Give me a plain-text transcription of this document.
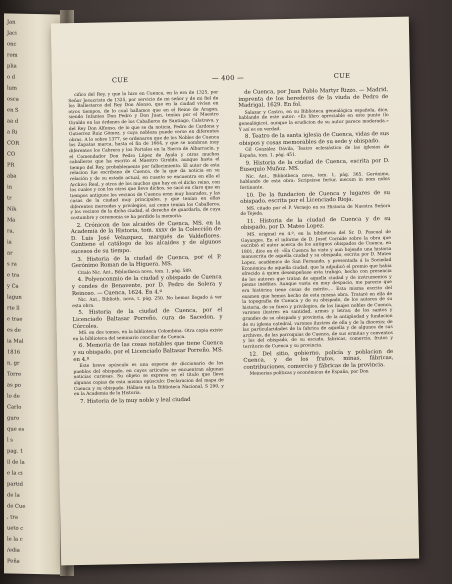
Jan
Jaci
onc
rom
plia
o d
lum
osca
en S
aa d
a Ri
COR
CO
PR
aba
in
tr
Nik
Ma
ra,
ia
ar
s ra
e tra
y Ca
lagun
rte ll
e trae
es de
ia Mal
1816
n, gr
Torre
as po
lo de
Carlo
guro
que es
l s
pag. 1
il de la
e la ci
partid
de la
de Cue
, tra
ueto c
le la c
/edia
Peña
CUE	— 400 —	CUE

cifico del Rey, y que lo hizo en Cuenca, en la era de 1325, por Señor Jesucristo de 1325, por servicio de mi señor y de mi fiel de los Ballesteros del Rey Don Alonso, que en la ciudad vivían en otros tiempos, de lo cual hallamos que en el Reino de Aragon, siendo Infantes Don Pedro y Don Juan, tenían por el Maestro Giraldo en las órdenes de los Caballeros de Santiago, Calatrava, y del Rey Don Alfonso, de lo que se da noticia, Pedro de Cardona y Gutierrez Ruiz Gómez, y cuya nobleza puede verse en diferentes obras. A lo sobre 1377, se ordenaron que de los Nobles de Cuenca los Zapatas marca, hasta el fin de 1664, y que se nombran muy diferentes los Cabrera y los Portoles en la Sierra de Albarracín, y el Comendador Don Pedro López de Ayala y otros muchos caballeros que ha escrito el Maestro Giraldo, aunque hasta el tiempo del Rey, probablemente por fallecimiento. El autor de esta relacion fue escribano de Cuenca, de la que da noticia en su relación y de su estado actual, en cuanto se encuentra en ella el Archivo Real, y otros de los muchos que hay en el dicho reino, con los cuales y con los otros que llevo dichos, se sacó en claro que en tiempos antiguos los vecinos de Cuenca eran muy honrados, y las casas de la ciudad muy principales, y que tenían en ellas diferentes mercedes y privilegios, así como tenían los Caballeros, y los vecinos de la dicha ciudad, el derecho de guardarla, de cuya costumbre y ceremonia se ha perdido la memoria.

2. Crónicon de los alcaides de Cuenca, MS. en la Academia de la Historia, tom. xxxv de la Colección de D. Luis José Velazquez, marqués de Valdeflores. Contiene el catálogo de los alcaides y de algunos sucesos de su tiempo.

3. Historia de la ciudad de Cuenca, por el P. Gerónimo Roman de la Higuera. MS.

Citalo Nic. Ant., Bibliotheca nova, tom. 1, pág. 589.

4. Polyenconmio de la ciudad y obispado de Cuenca y condes de Benavente, por D. Pedro de Solera y Reinoso. — Cuenca, 1624. En 4.º

Nic. Ant., Biblioth. nova, t. pág. 250. No hemos llegado á ver esta obra.

5. Historia de la ciudad de Cuenca, por el Licenciado Baltasar Porreño, cura de Sacedon, y Córcoles.

MS. en dos tomos, en la biblioteca Colombina. Otra copia existe en la biblioteca del seminario conciliar de Cuenca.

6. Memoria de las cosas notables que tiene Cuenca y su obispado, por el Licenciado Baltasar Porreño. MS. en 4.º

Este breve opúsculo es una especie de diccionario de los pueblos del obispado, en cuyos artículos se encuentran algunas noticias curiosas. Su objeto se expresa en el título que lleva algunas copias de esta misma opúsculo: Declaracion del mapa de Cuenca y su obispado. Hállase en la Biblioteca Nacional, S 290, y en la Academia de la Historia.

7. Historia de la muy noble y leal ciudad

de Cuenca, por Juan Pablo Martyr Rizzo. — Madrid, imprenta de los herederos de la viuda de Pedro de Madrigal, 1629. En fol.

Salazar y Castro, en su Biblioteca genealógica española, dice, hablando de este autor: «Es libro apreciable en este punto (lo genealógico), aunque la erudicion de su autor parece moderada.» Y así es en verdad.

8. Teatro de la santa iglesia de Cuenca, vidas de sus obispos y cosas memorables de su sede y obispado.

Gil González Dávila, Teatro eclesiástico de las iglesias de España, tom. 1, pág. 451.

9. Historia de la ciudad de Cuenca, escrita por D. Eusequio Muñoz. MS.

Nic. Ant., Bibliotheca nova, tom. 1, pág. 365. Gerónimo, hablando de esta obra: Scripsisse fertur, mecum in nom nobis festinante.

10. De la fundacion de Cuenca y lugares de su obispado, escrita por el Licenciado Rioja.

MS. citado por el P. Vernejo en su Historia de Nuestra Señora de Tejeda.

11. Historia de la ciudad de Cuenca y de su obispado, por D. Mateo Lopez.

MS. original en 4.º, en la biblioteca del Sr. D. Pascual de Gayangos. En el informe de D. Josef Cornide sobre la obra que escribió el autor acerca de los antiguos obispados de Cuenca, en 1801, dice en él: «En Cuenca he visto y aun hojeado una historia manuscrita de aquella ciudad y su obispado, escrita por D. Mateo Lopez, académico de San Fernando, y presentada á la Sociedad Económica de aquella ciudad, que la adjudicó el premio que había ofrecido á quien desempeñase esta trabajo, hecho con presencia de los autores que tratan de aquella ciudad y de instrumentos y piezas inéditas. Aunque vasta en muy despacio, me parecio que era histórica tiene cosas de mérito.... Esta misma escrito del examen que hemos hecho de esta misma obra. Trataré en ella de la topografía de Cuenca y de su obispado, de los autores de su historia, de su fuero y privilegios, de los linajes nobles de Cuenca, varones ilustres en santidad, armas y letras; de los santos y grandes de su obispado y provincia, de la antigüedad y fundacion de su iglesia catedral, varones ilustres de ella y de la diocesis; de las particularidades de la fabrica de aquella y de algunos de sus archivos, de las parroquias de Cuenca, de sus ermitas y conventos y los del obispado, de su escudo, fabricas, comercio, frutos y territorio de Cuenca y su provincia.

12. Del sitio, gobierno, policía y poblacion de Cuenca, y de los frutos, minas, fábricas, contribuciones, comercio y fábricas de la provincia.

Memorias políticas y económicas de España, por Don
